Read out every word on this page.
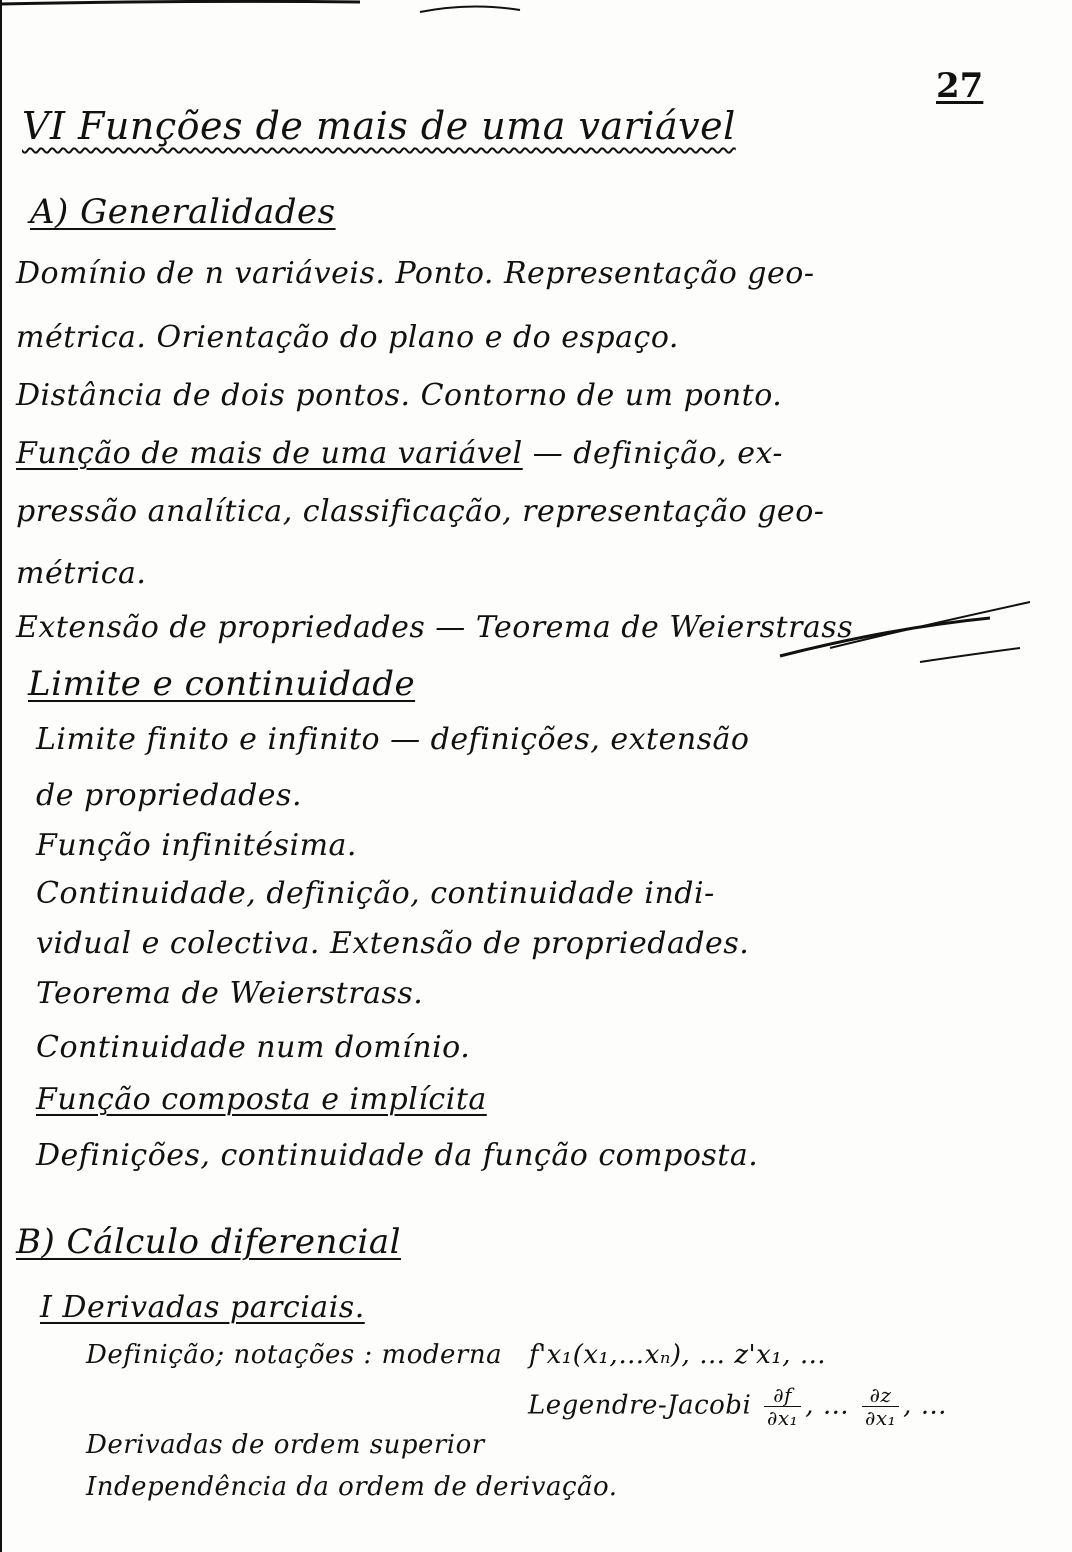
27
VI Funções de mais de uma variável
A) Generalidades
Domínio de n variáveis. Ponto. Representação geo-
métrica. Orientação do plano e do espaço.
Distância de dois pontos. Contorno de um ponto.
Função de mais de uma variável — definição, ex-
pressão analítica, classificação, representação geo-
métrica.
Extensão de propriedades — Teorema de Weierstrass
Limite e continuidade
Limite finito e infinito — definições, extensão
de propriedades.
Função infinitésima.
Continuidade, definição, continuidade indi-
vidual e colectiva. Extensão de propriedades.
Teorema de Weierstrass.
Continuidade num domínio.
Função composta e implícita
Definições, continuidade da função composta.
B) Cálculo diferencial
I Derivadas parciais.
Definição; notações : moderna f'x₁(x₁,…xₙ), … z'x₁, …
Legendre-Jacobi $\frac{\partial f}{\text{∂x₁}}$ , … $\frac{\partial z}{\text{∂x₁}}$ , …
Derivadas de ordem superior
Independência da ordem de derivação.
